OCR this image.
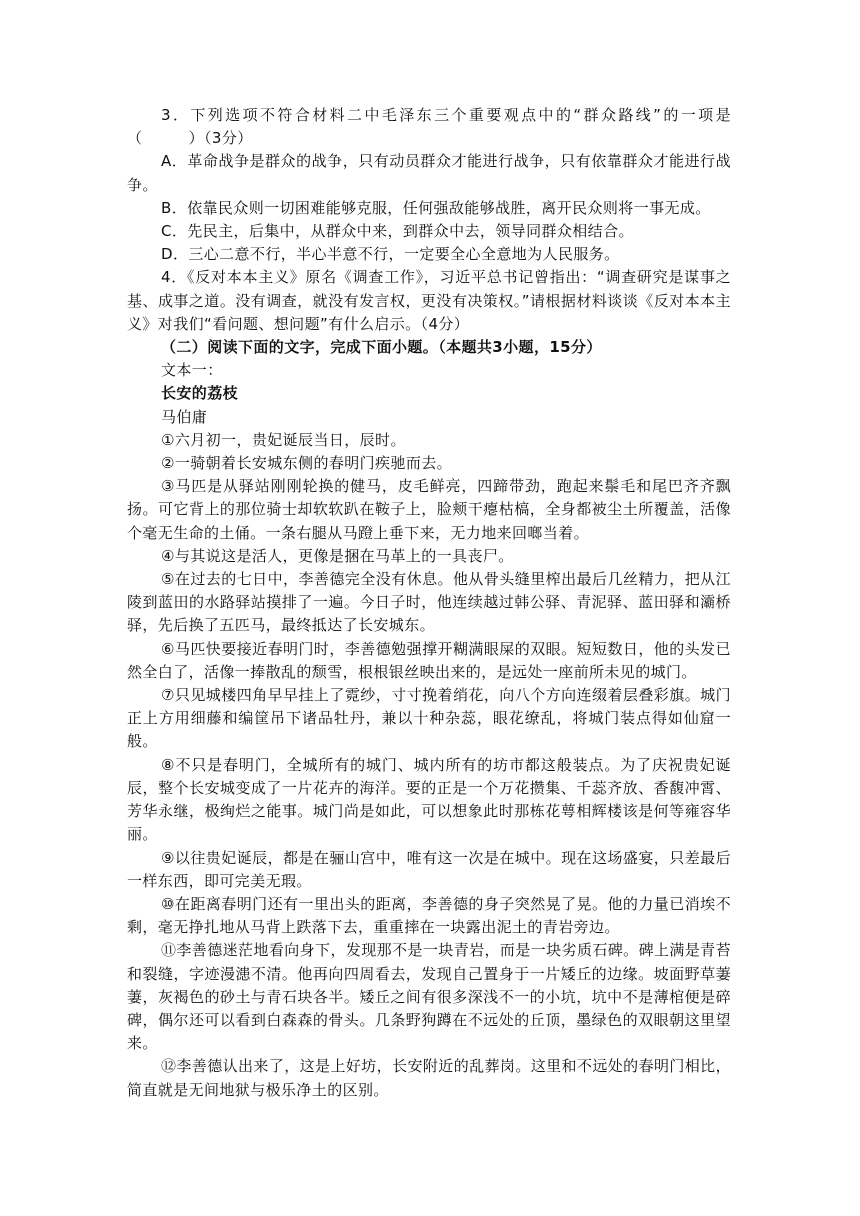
3．下列选项不符合材料二中毛泽东三个重要观点中的“群众路线”的一项是（　　　）（3分）

A．革命战争是群众的战争，只有动员群众才能进行战争，只有依靠群众才能进行战争。

B．依靠民众则一切困难能够克服，任何强敌能够战胜，离开民众则将一事无成。

C．先民主，后集中，从群众中来，到群众中去，领导同群众相结合。

D．三心二意不行，半心半意不行，一定要全心全意地为人民服务。

4．《反对本本主义》原名《调查工作》，习近平总书记曾指出：“调查研究是谋事之基、成事之道。没有调查，就没有发言权，更没有决策权。”请根据材料谈谈《反对本本主义》对我们“看问题、想问题”有什么启示。（4分）

（二）阅读下面的文字，完成下面小题。（本题共3小题，15分）

文本一：

长安的荔枝

马伯庸

①六月初一，贵妃诞辰当日，辰时。

②一骑朝着长安城东侧的春明门疾驰而去。

③马匹是从驿站刚刚轮换的健马，皮毛鲜亮，四蹄带劲，跑起来鬃毛和尾巴齐齐飘扬。可它背上的那位骑士却软软趴在鞍子上，脸颊干瘪枯槁，全身都被尘土所覆盖，活像个毫无生命的土俑。一条右腿从马蹬上垂下来，无力地来回啷当着。

④与其说这是活人，更像是捆在马革上的一具丧尸。

⑤在过去的七日中，李善德完全没有休息。他从骨头缝里榨出最后几丝精力，把从江陵到蓝田的水路驿站摸排了一遍。今日子时，他连续越过韩公驿、青泥驿、蓝田驿和灞桥驿，先后换了五匹马，最终抵达了长安城东。

⑥马匹快要接近春明门时，李善德勉强撑开糊满眼屎的双眼。短短数日，他的头发已然全白了，活像一捧散乱的颓雪，根根银丝映出来的，是远处一座前所未见的城门。

⑦只见城楼四角早早挂上了霓纱，寸寸挽着绡花，向八个方向连缀着层叠彩旗。城门正上方用细藤和编筐吊下诸品牡丹，兼以十种杂蕊，眼花缭乱，将城门装点得如仙窟一般。

⑧不只是春明门，全城所有的城门、城内所有的坊市都这般装点。为了庆祝贵妃诞辰，整个长安城变成了一片花卉的海洋。要的正是一个万花攒集、千蕊齐放、香馥冲霄、芳华永继，极绚烂之能事。城门尚是如此，可以想象此时那栋花萼相辉楼该是何等雍容华丽。

⑨以往贵妃诞辰，都是在骊山宫中，唯有这一次是在城中。现在这场盛宴，只差最后一样东西，即可完美无瑕。

⑩在距离春明门还有一里出头的距离，李善德的身子突然晃了晃。他的力量已消埃不剩，毫无挣扎地从马背上跌落下去，重重摔在一块露出泥土的青岩旁边。

⑪李善德迷茫地看向身下，发现那不是一块青岩，而是一块劣质石碑。碑上满是青苔和裂缝，字迹漫漶不清。他再向四周看去，发现自己置身于一片矮丘的边缘。坡面野草萋萋，灰褐色的砂土与青石块各半。矮丘之间有很多深浅不一的小坑，坑中不是薄棺便是碎碑，偶尔还可以看到白森森的骨头。几条野狗蹲在不远处的丘顶，墨绿色的双眼朝这里望来。

⑫李善德认出来了，这是上好坊，长安附近的乱葬岗。这里和不远处的春明门相比，简直就是无间地狱与极乐净土的区别。
